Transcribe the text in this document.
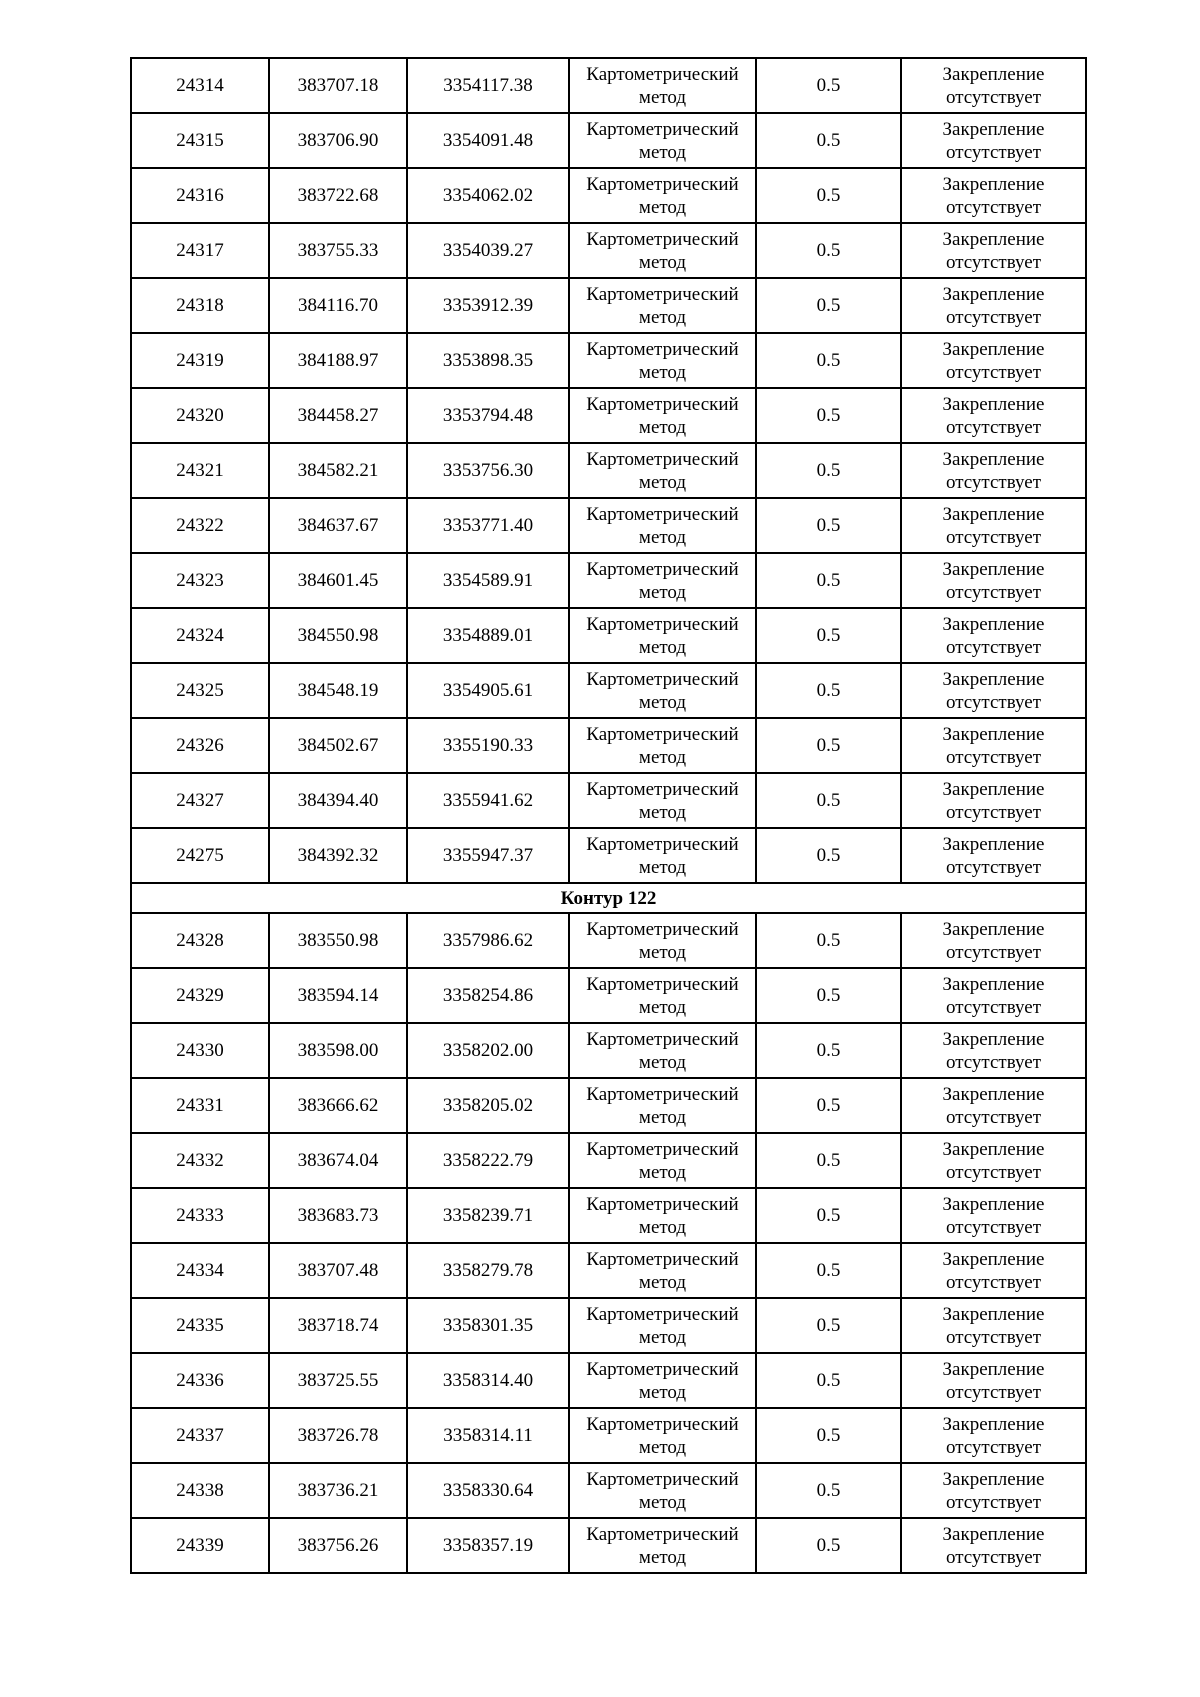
24314	383707.18	3354117.38	Картометрический
метод	0.5	Закрепление
отсутствует

24315	383706.90	3354091.48	Картометрический
метод	0.5	Закрепление
отсутствует

24316	383722.68	3354062.02	Картометрический
метод	0.5	Закрепление
отсутствует

24317	383755.33	3354039.27	Картометрический
метод	0.5	Закрепление
отсутствует

24318	384116.70	3353912.39	Картометрический
метод	0.5	Закрепление
отсутствует

24319	384188.97	3353898.35	Картометрический
метод	0.5	Закрепление
отсутствует

24320	384458.27	3353794.48	Картометрический
метод	0.5	Закрепление
отсутствует

24321	384582.21	3353756.30	Картометрический
метод	0.5	Закрепление
отсутствует

24322	384637.67	3353771.40	Картометрический
метод	0.5	Закрепление
отсутствует

24323	384601.45	3354589.91	Картометрический
метод	0.5	Закрепление
отсутствует

24324	384550.98	3354889.01	Картометрический
метод	0.5	Закрепление
отсутствует

24325	384548.19	3354905.61	Картометрический
метод	0.5	Закрепление
отсутствует

24326	384502.67	3355190.33	Картометрический
метод	0.5	Закрепление
отсутствует

24327	384394.40	3355941.62	Картометрический
метод	0.5	Закрепление
отсутствует

24275	384392.32	3355947.37	Картометрический
метод	0.5	Закрепление
отсутствует

Контур 122					
24328	383550.98	3357986.62	Картометрический
метод	0.5	Закрепление
отсутствует

24329	383594.14	3358254.86	Картометрический
метод	0.5	Закрепление
отсутствует

24330	383598.00	3358202.00	Картометрический
метод	0.5	Закрепление
отсутствует

24331	383666.62	3358205.02	Картометрический
метод	0.5	Закрепление
отсутствует

24332	383674.04	3358222.79	Картометрический
метод	0.5	Закрепление
отсутствует

24333	383683.73	3358239.71	Картометрический
метод	0.5	Закрепление
отсутствует

24334	383707.48	3358279.78	Картометрический
метод	0.5	Закрепление
отсутствует

24335	383718.74	3358301.35	Картометрический
метод	0.5	Закрепление
отсутствует

24336	383725.55	3358314.40	Картометрический
метод	0.5	Закрепление
отсутствует

24337	383726.78	3358314.11	Картометрический
метод	0.5	Закрепление
отсутствует

24338	383736.21	3358330.64	Картометрический
метод	0.5	Закрепление
отсутствует

24339	383756.26	3358357.19	Картометрический
метод	0.5	Закрепление
отсутствует
